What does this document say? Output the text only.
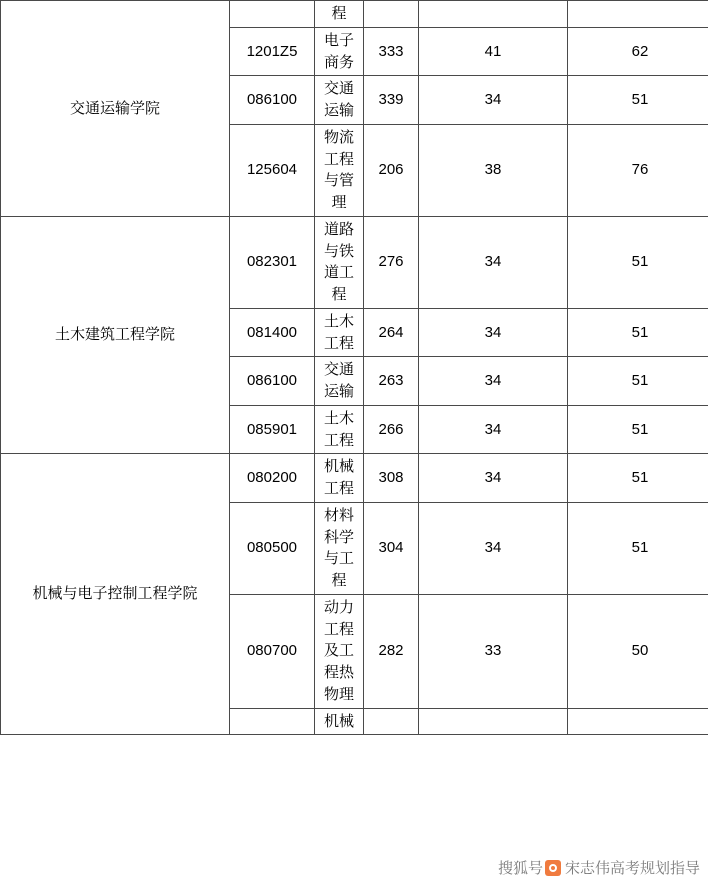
交通运输学院		程			
	1201Z5	电子商务	333	41	62
	086100	交通运输	339	34	51
	125604	物流工程与管理	206	38	76
土木建筑工程学院	082301	道路与铁道工程	276	34	51
	081400	土木工程	264	34	51
	086100	交通运输	263	34	51
	085901	土木工程	266	34	51
机械与电子控制工程学院	080200	机械工程	308	34	51
	080500	材料科学与工程	304	34	51
	080700	动力工程及工程热物理	282	33	50
		机械			
搜狐号 宋志伟高考规划指导
